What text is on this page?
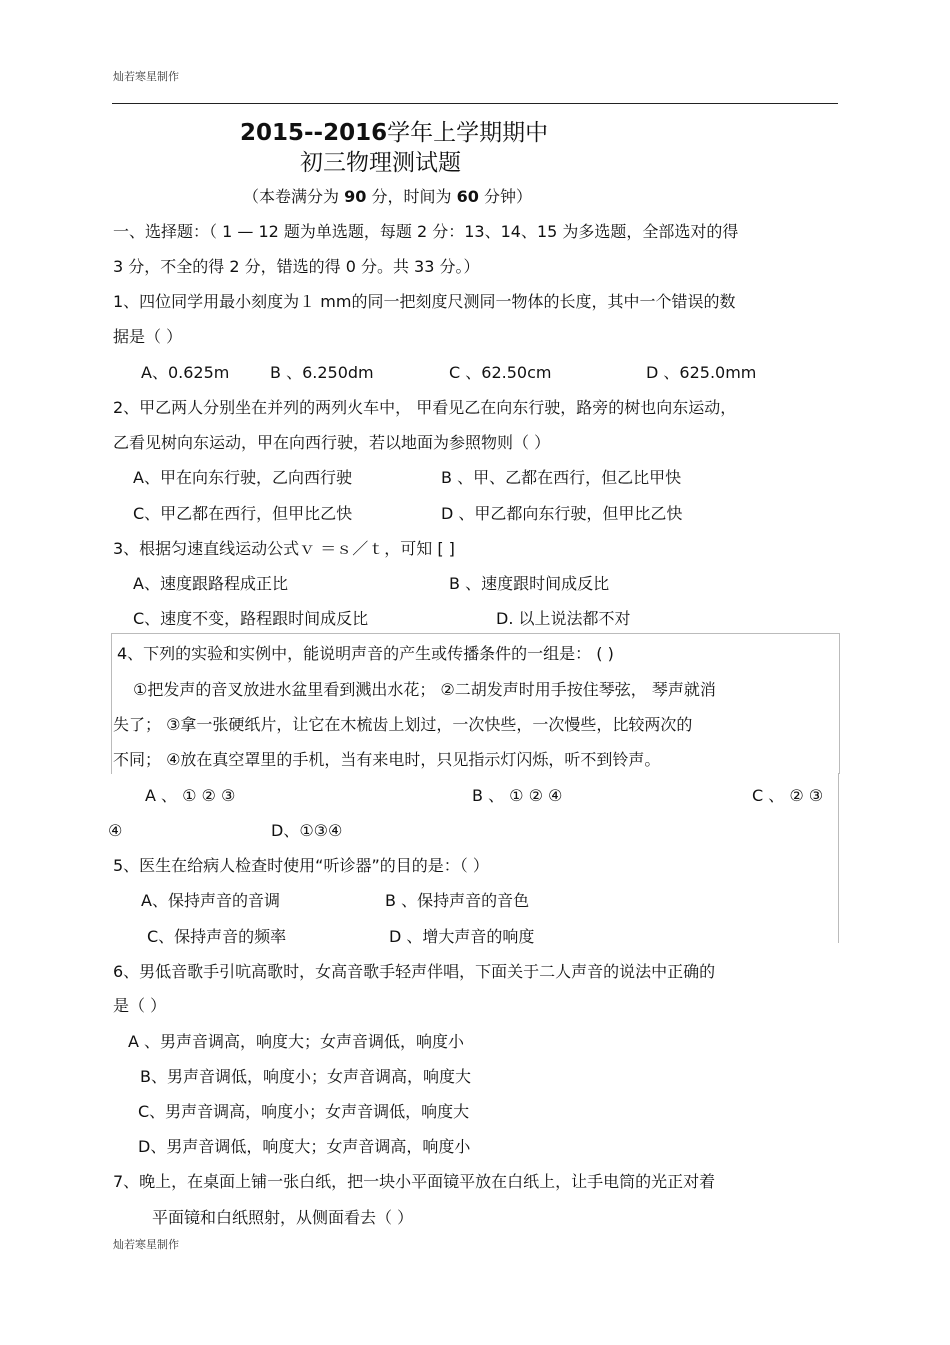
灿若寒星制作
2015--2016学年上学期期中
初三物理测试题
（本卷满分为 90 分，时间为 60 分钟）
一、选择题：（ 1 — 12 题为单选题，每题 2 分：13、14、15 为多选题，全部选对的得
3 分，不全的得 2 分，错选的得 0 分。共 33 分。）
1、四位同学用最小刻度为１ mm的同一把刻度尺测同一物体的长度，其中一个错误的数
据是（ ）
A、0.625m	B 、6.250dm	C 、62.50cm	D 、625.0mm
2、甲乙两人分别坐在并列的两列火车中， 甲看见乙在向东行驶，路旁的树也向东运动，
乙看见树向东运动，甲在向西行驶，若以地面为参照物则（ ）
A、甲在向东行驶，乙向西行驶	B 、甲、乙都在西行，但乙比甲快
C、甲乙都在西行，但甲比乙快	D 、甲乙都向东行驶，但甲比乙快
3、根据匀速直线运动公式ｖ ＝ｓ／ｔ，可知 [ ]
A、速度跟路程成正比	B 、速度跟时间成反比
C、速度不变，路程跟时间成反比	D. 以上说法都不对
4、下列的实验和实例中，能说明声音的产生或传播条件的一组是： ( )
①把发声的音叉放进水盆里看到溅出水花； ②二胡发声时用手按住琴弦， 琴声就消
失了； ③拿一张硬纸片，让它在木梳齿上划过，一次快些，一次慢些，比较两次的
不同； ④放在真空罩里的手机，当有来电时，只见指示灯闪烁，听不到铃声。
A 、 ① ② ③	B 、 ① ② ④	C 、 ② ③
④	D、①③④
5、医生在给病人检查时使用“听诊器”的目的是：（ ）
A、保持声音的音调	B 、保持声音的音色
C、保持声音的频率	D 、增大声音的响度
6、男低音歌手引吭高歌时，女高音歌手轻声伴唱，下面关于二人声音的说法中正确的
是（ ）
A 、男声音调高，响度大；女声音调低，响度小
B、男声音调低，响度小；女声音调高，响度大
C、男声音调高，响度小；女声音调低，响度大
D、男声音调低，响度大；女声音调高，响度小
7、晚上，在桌面上铺一张白纸，把一块小平面镜平放在白纸上，让手电筒的光正对着
平面镜和白纸照射，从侧面看去（ ）
灿若寒星制作
